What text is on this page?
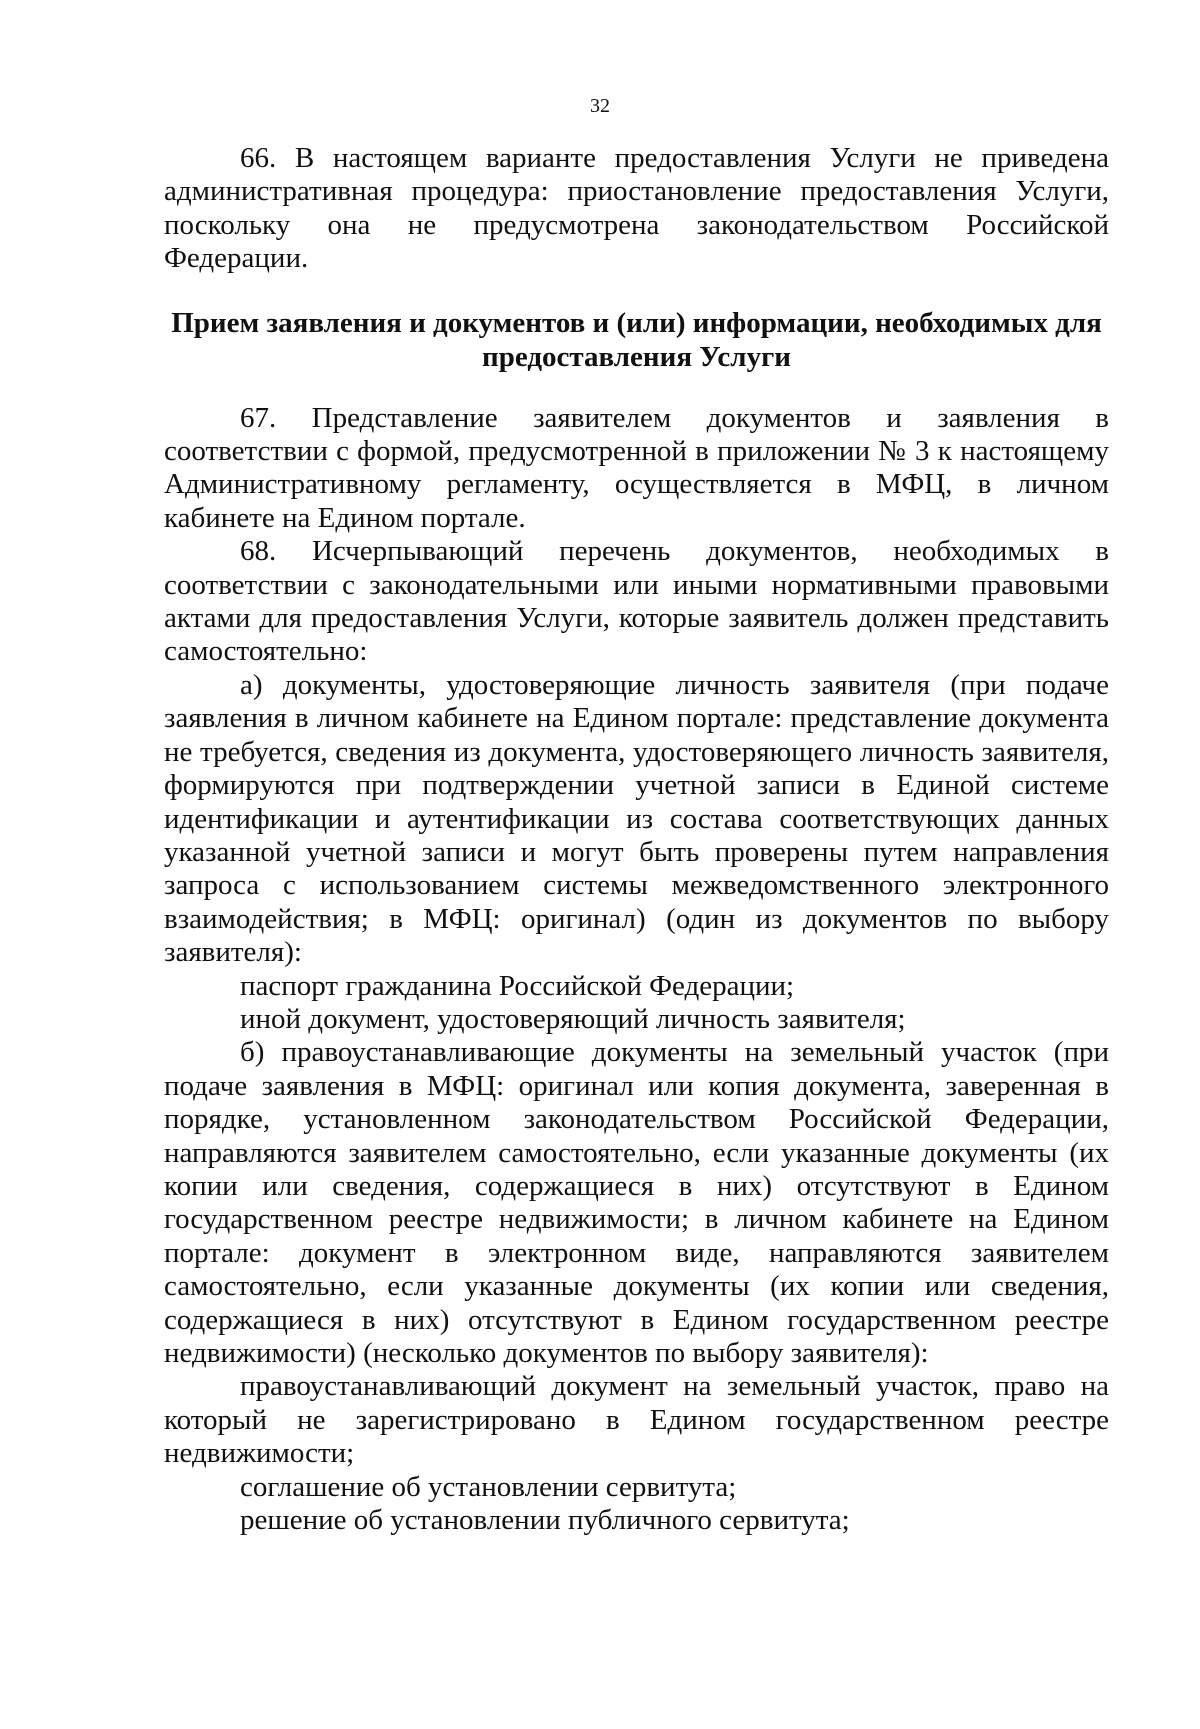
32

66. В настоящем варианте предоставления Услуги не приведена административная процедура: приостановление предоставления Услуги, поскольку она не предусмотрена законодательством Российской Федерации.

Прием заявления и документов и (или) информации, необходимых для
предоставления Услуги

67. Представление заявителем документов и заявления в соответствии с формой, предусмотренной в приложении № 3 к настоящему Административному регламенту, осуществляется в МФЦ, в личном кабинете на Едином портале.

68. Исчерпывающий перечень документов, необходимых в соответствии с законодательными или иными нормативными правовыми актами для предоставления Услуги, которые заявитель должен представить самостоятельно:

а) документы, удостоверяющие личность заявителя (при подаче заявления в личном кабинете на Едином портале: представление документа не требуется, сведения из документа, удостоверяющего личность заявителя, формируются при подтверждении учетной записи в Единой системе идентификации и аутентификации из состава соответствующих данных указанной учетной записи и могут быть проверены путем направления запроса с использованием системы межведомственного электронного взаимодействия; в МФЦ: оригинал) (один из документов по выбору заявителя):

паспорт гражданина Российской Федерации;

иной документ, удостоверяющий личность заявителя;

б) правоустанавливающие документы на земельный участок (при подаче заявления в МФЦ: оригинал или копия документа, заверенная в порядке, установленном законодательством Российской Федерации, направляются заявителем самостоятельно, если указанные документы (их копии или сведения, содержащиеся в них) отсутствуют в Едином государственном реестре недвижимости; в личном кабинете на Едином портале: документ в электронном виде, направляются заявителем самостоятельно, если указанные документы (их копии или сведения, содержащиеся в них) отсутствуют в Едином государственном реестре недвижимости) (несколько документов по выбору заявителя):

правоустанавливающий документ на земельный участок, право на который не зарегистрировано в Едином государственном реестре недвижимости;

соглашение об установлении сервитута;

решение об установлении публичного сервитута;
